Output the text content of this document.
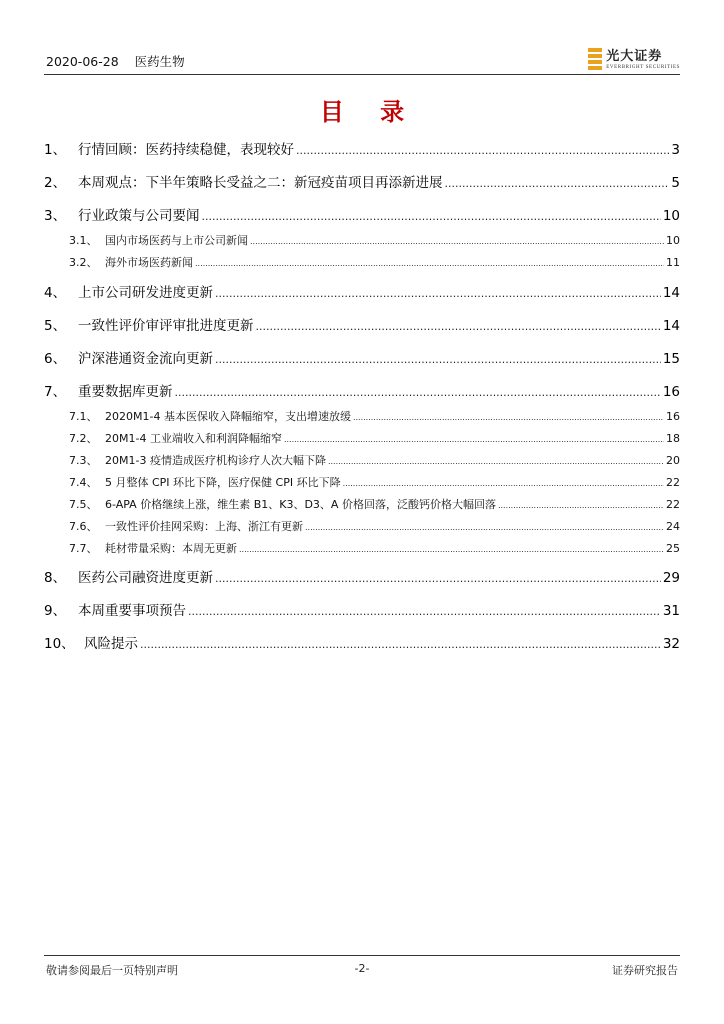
2020-06-28 医药生物	光大证券
EVERBRIGHT SECURITIES
目 录
1、 行情回顾：医药持续稳健，表现较好 .....	3
2、 本周观点：下半年策略长受益之二：新冠疫苗项目再添新进展 .....	5
3、 行业政策与公司要闻 .....	10
3.1、 国内市场医药与上市公司新闻 .....	10
3.2、 海外市场医药新闻 .....	11
4、 上市公司研发进度更新 .....	14
5、 一致性评价审评审批进度更新 .....	14
6、 沪深港通资金流向更新 .....	15
7、 重要数据库更新 .....	16
7.1、 2020M1-4 基本医保收入降幅缩窄，支出增速放缓 .....	16
7.2、 20M1-4 工业端收入和利润降幅缩窄 .....	18
7.3、 20M1-3 疫情造成医疗机构诊疗人次大幅下降 .....	20
7.4、 5 月整体 CPI 环比下降，医疗保健 CPI 环比下降 .....	22
7.5、 6-APA 价格继续上涨，维生素 B1、K3、D3、A 价格回落，泛酸钙价格大幅回落 .....	22
7.6、 一致性评价挂网采购：上海、浙江有更新 .....	24
7.7、 耗材带量采购：本周无更新 .....	25
8、 医药公司融资进度更新 .....	29
9、 本周重要事项预告 .....	31
10、 风险提示 .....	32
敬请参阅最后一页特别声明	-2-	证券研究报告
